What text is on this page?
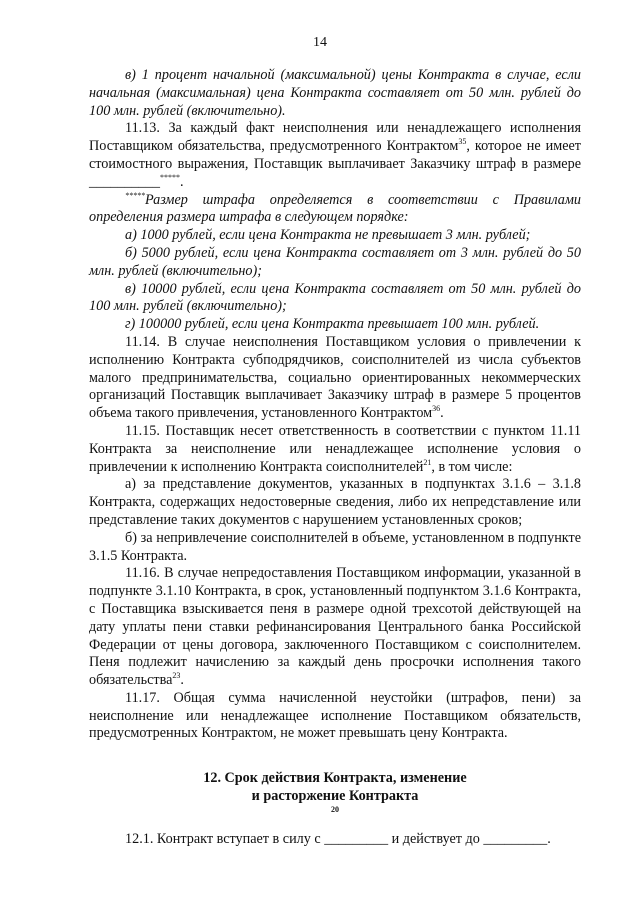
14

в) 1 процент начальной (максимальной) цены Контракта в случае, если начальная (максимальная) цена Контракта составляет от 50 млн. рублей до 100 млн. рублей (включительно).

11.13. За каждый факт неисполнения или ненадлежащего исполнения Поставщиком обязательства, предусмотренного Контрактом$^{35}$, которое не имеет стоимостного выражения, Поставщик выплачивает Заказчику штраф в размере __________*****.

*****Размер штрафа определяется в соответствии с Правилами определения размера штрафа в следующем порядке:

а) 1000 рублей, если цена Контракта не превышает 3 млн. рублей;

б) 5000 рублей, если цена Контракта составляет от 3 млн. рублей до 50 млн. рублей (включительно);

в) 10000 рублей, если цена Контракта составляет от 50 млн. рублей до 100 млн. рублей (включительно);

г) 100000 рублей, если цена Контракта превышает 100 млн. рублей.

11.14. В случае неисполнения Поставщиком условия о привлечении к исполнению Контракта субподрядчиков, соисполнителей из числа субъектов малого предпринимательства, социально ориентированных некоммерческих организаций Поставщик выплачивает Заказчику штраф в размере 5 процентов объема такого привлечения, установленного Контрактом$^{36}$.

11.15. Поставщик несет ответственность в соответствии с пунктом 11.11 Контракта за неисполнение или ненадлежащее исполнение условия о привлечении к исполнению Контракта соисполнителей$^{21}$, в том числе:

а) за представление документов, указанных в подпунктах 3.1.6 – 3.1.8 Контракта, содержащих недостоверные сведения, либо их непредставление или представление таких документов с нарушением установленных сроков;

б) за непривлечение соисполнителей в объеме, установленном в подпункте 3.1.5 Контракта.

11.16. В случае непредоставления Поставщиком информации, указанной в подпункте 3.1.10 Контракта, в срок, установленный подпунктом 3.1.6 Контракта, с Поставщика взыскивается пеня в размере одной трехсотой действующей на дату уплаты пени ставки рефинансирования Центрального банка Российской Федерации от цены договора, заключенного Поставщиком с соисполнителем. Пеня подлежит начислению за каждый день просрочки исполнения такого обязательства$^{23}$.

11.17. Общая сумма начисленной неустойки (штрафов, пени) за неисполнение или ненадлежащее исполнение Поставщиком обязательств, предусмотренных Контрактом, не может превышать цену Контракта.

12. Срок действия Контракта, изменение
и расторжение Контракта
$^{20}$

12.1. Контракт вступает в силу с _________ и действует до _________.
